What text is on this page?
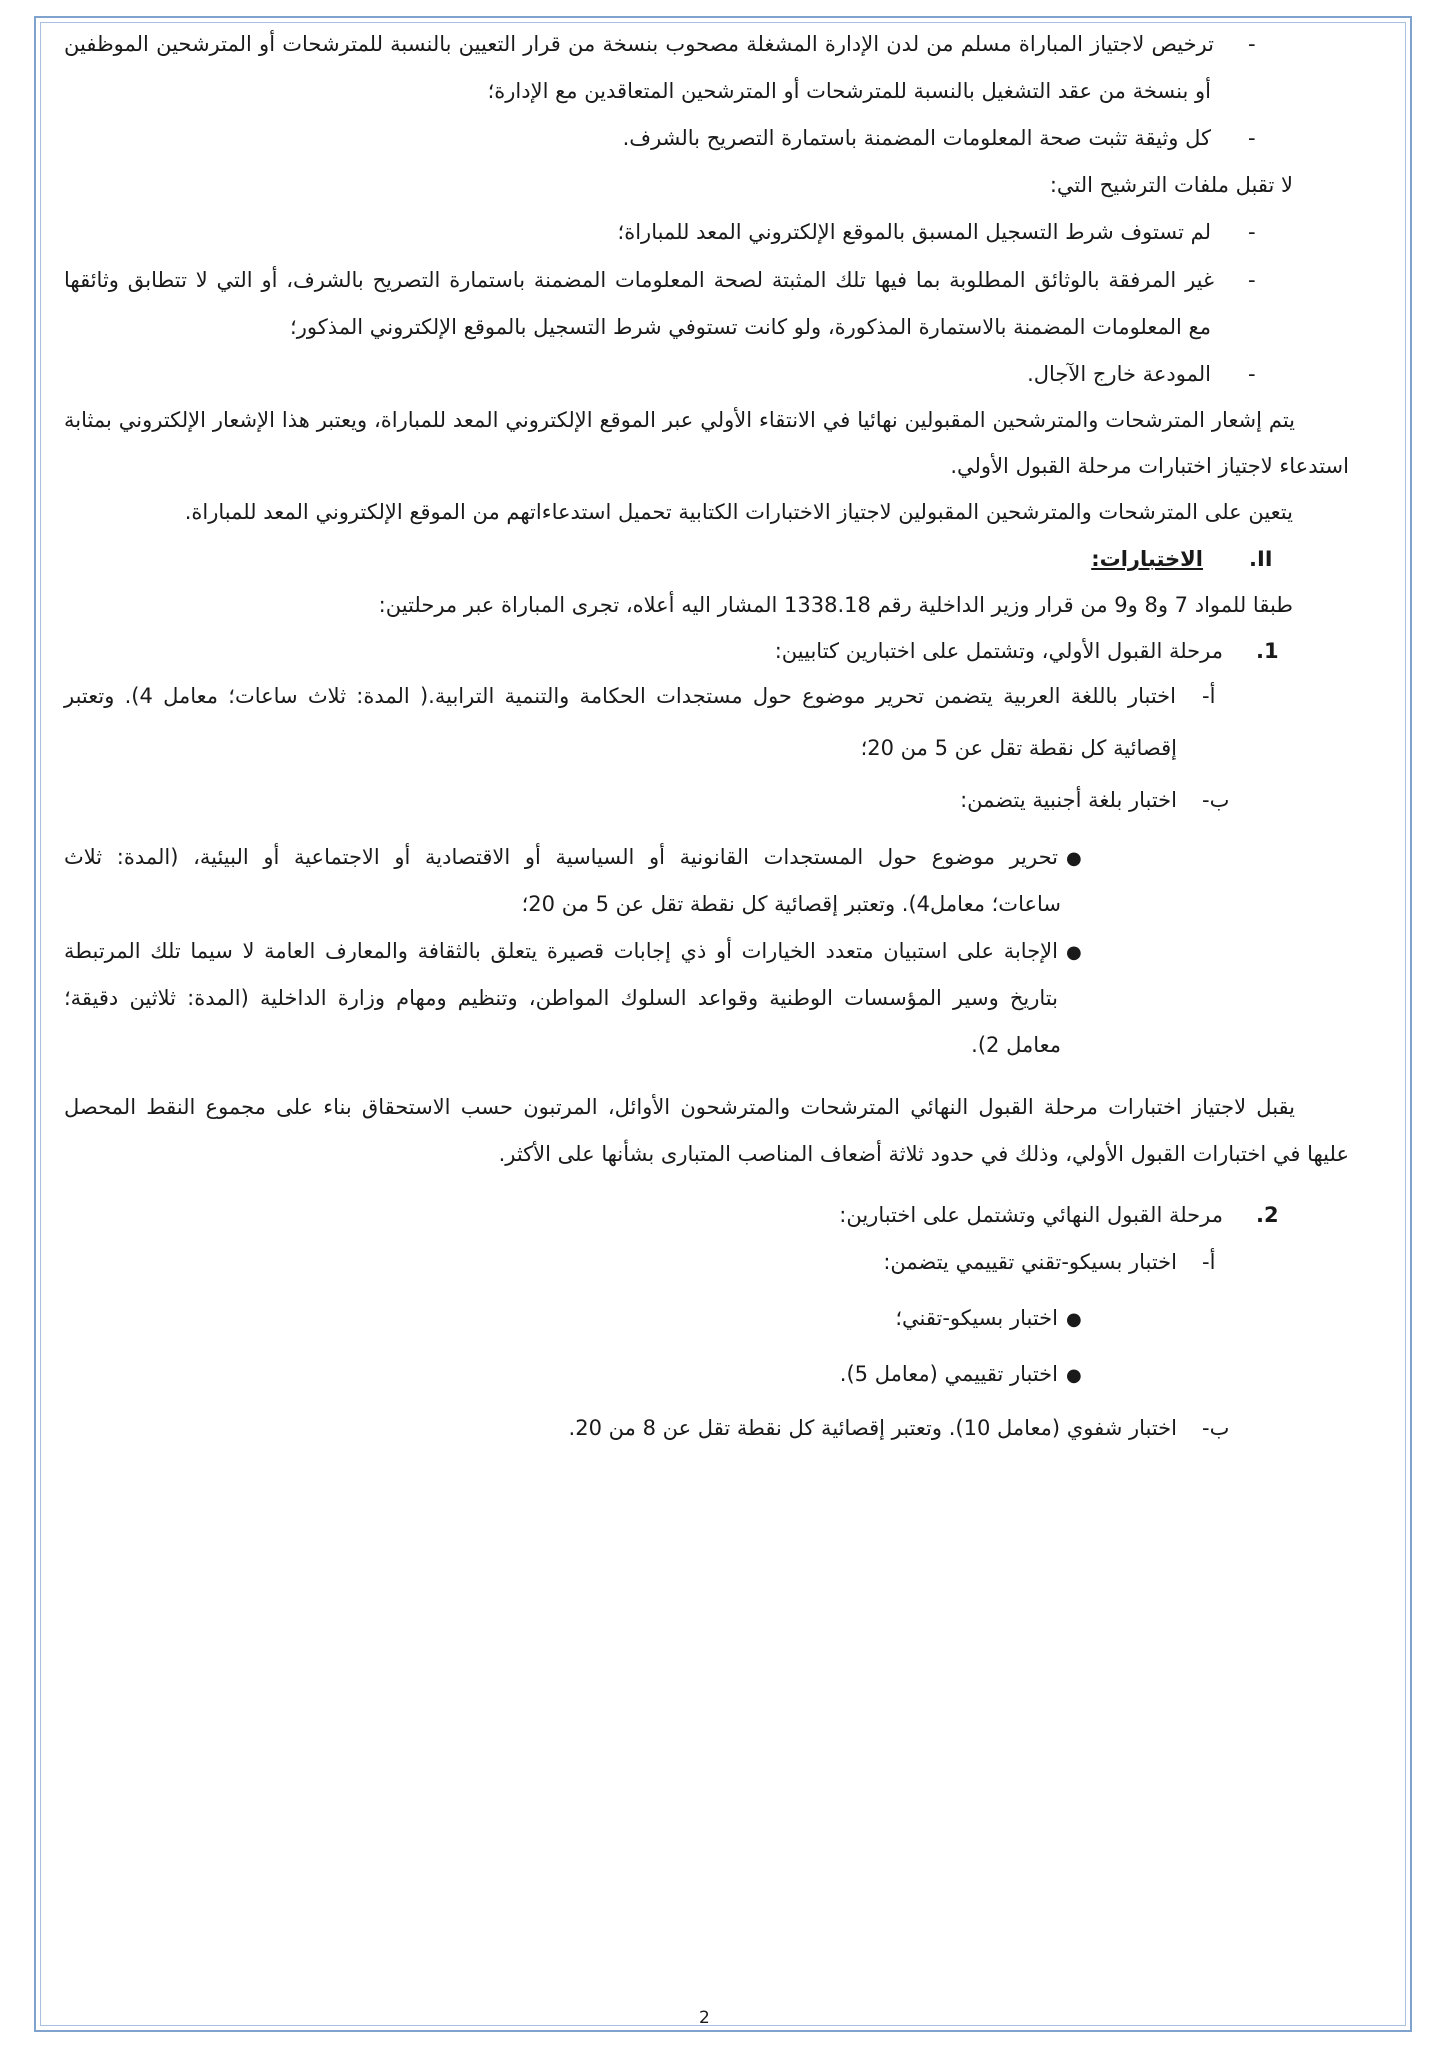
-
-
-
-
-
ترخيص لاجتياز المباراة مسلم من لدن الإدارة المشغلة مصحوب بنسخة من قرار التعيين بالنسبة للمترشحات أو المترشحين الموظفين
أو بنسخة من عقد التشغيل بالنسبة للمترشحات أو المترشحين المتعاقدين مع الإدارة؛
كل وثيقة تثبت صحة المعلومات المضمنة باستمارة التصريح بالشرف.
لا تقبل ملفات الترشيح التي:
لم تستوف شرط التسجيل المسبق بالموقع الإلكتروني المعد للمباراة؛
غير المرفقة بالوثائق المطلوبة بما فيها تلك المثبتة لصحة المعلومات المضمنة باستمارة التصريح بالشرف، أو التي لا تتطابق وثائقها
مع المعلومات المضمنة بالاستمارة المذكورة، ولو كانت تستوفي شرط التسجيل بالموقع الإلكتروني المذكور؛
المودعة خارج الآجال.
يتم إشعار المترشحات والمترشحين المقبولين نهائيا في الانتقاء الأولي عبر الموقع الإلكتروني المعد للمباراة، ويعتبر هذا الإشعار الإلكتروني بمثابة
استدعاء لاجتياز اختبارات مرحلة القبول الأولي.
يتعين على المترشحات والمترشحين المقبولين لاجتياز الاختبارات الكتابية تحميل استدعاءاتهم من الموقع الإلكتروني المعد للمباراة.
II.
الاختبارات:
طبقا للمواد 7 و8 و9 من قرار وزير الداخلية رقم 1338.18 المشار اليه أعلاه، تجرى المباراة عبر مرحلتين:
1.
مرحلة القبول الأولي، وتشتمل على اختبارين كتابيين:
أ-
اختبار باللغة العربية يتضمن تحرير موضوع حول مستجدات الحكامة والتنمية الترابية.( المدة: ثلاث ساعات؛ معامل 4). وتعتبر
إقصائية كل نقطة تقل عن 5 من 20؛
ب-
اختبار بلغة أجنبية يتضمن:
●
تحرير موضوع حول المستجدات القانونية أو السياسية أو الاقتصادية أو الاجتماعية أو البيئية، (المدة: ثلاث
ساعات؛ معامل4). وتعتبر إقصائية كل نقطة تقل عن 5 من 20؛
●
الإجابة على استبيان متعدد الخيارات أو ذي إجابات قصيرة يتعلق بالثقافة والمعارف العامة لا سيما تلك المرتبطة
بتاريخ وسير المؤسسات الوطنية وقواعد السلوك المواطن، وتنظيم ومهام وزارة الداخلية (المدة: ثلاثين دقيقة؛
معامل 2).
يقبل لاجتياز اختبارات مرحلة القبول النهائي المترشحات والمترشحون الأوائل، المرتبون حسب الاستحقاق بناء على مجموع النقط المحصل
عليها في اختبارات القبول الأولي، وذلك في حدود ثلاثة أضعاف المناصب المتبارى بشأنها على الأكثر.
2.
مرحلة القبول النهائي وتشتمل على اختبارين:
أ-
اختبار بسيكو-تقني تقييمي يتضمن:
●
اختبار بسيكو-تقني؛
●
اختبار تقييمي (معامل 5).
ب-
اختبار شفوي (معامل 10). وتعتبر إقصائية كل نقطة تقل عن 8 من 20.
2
